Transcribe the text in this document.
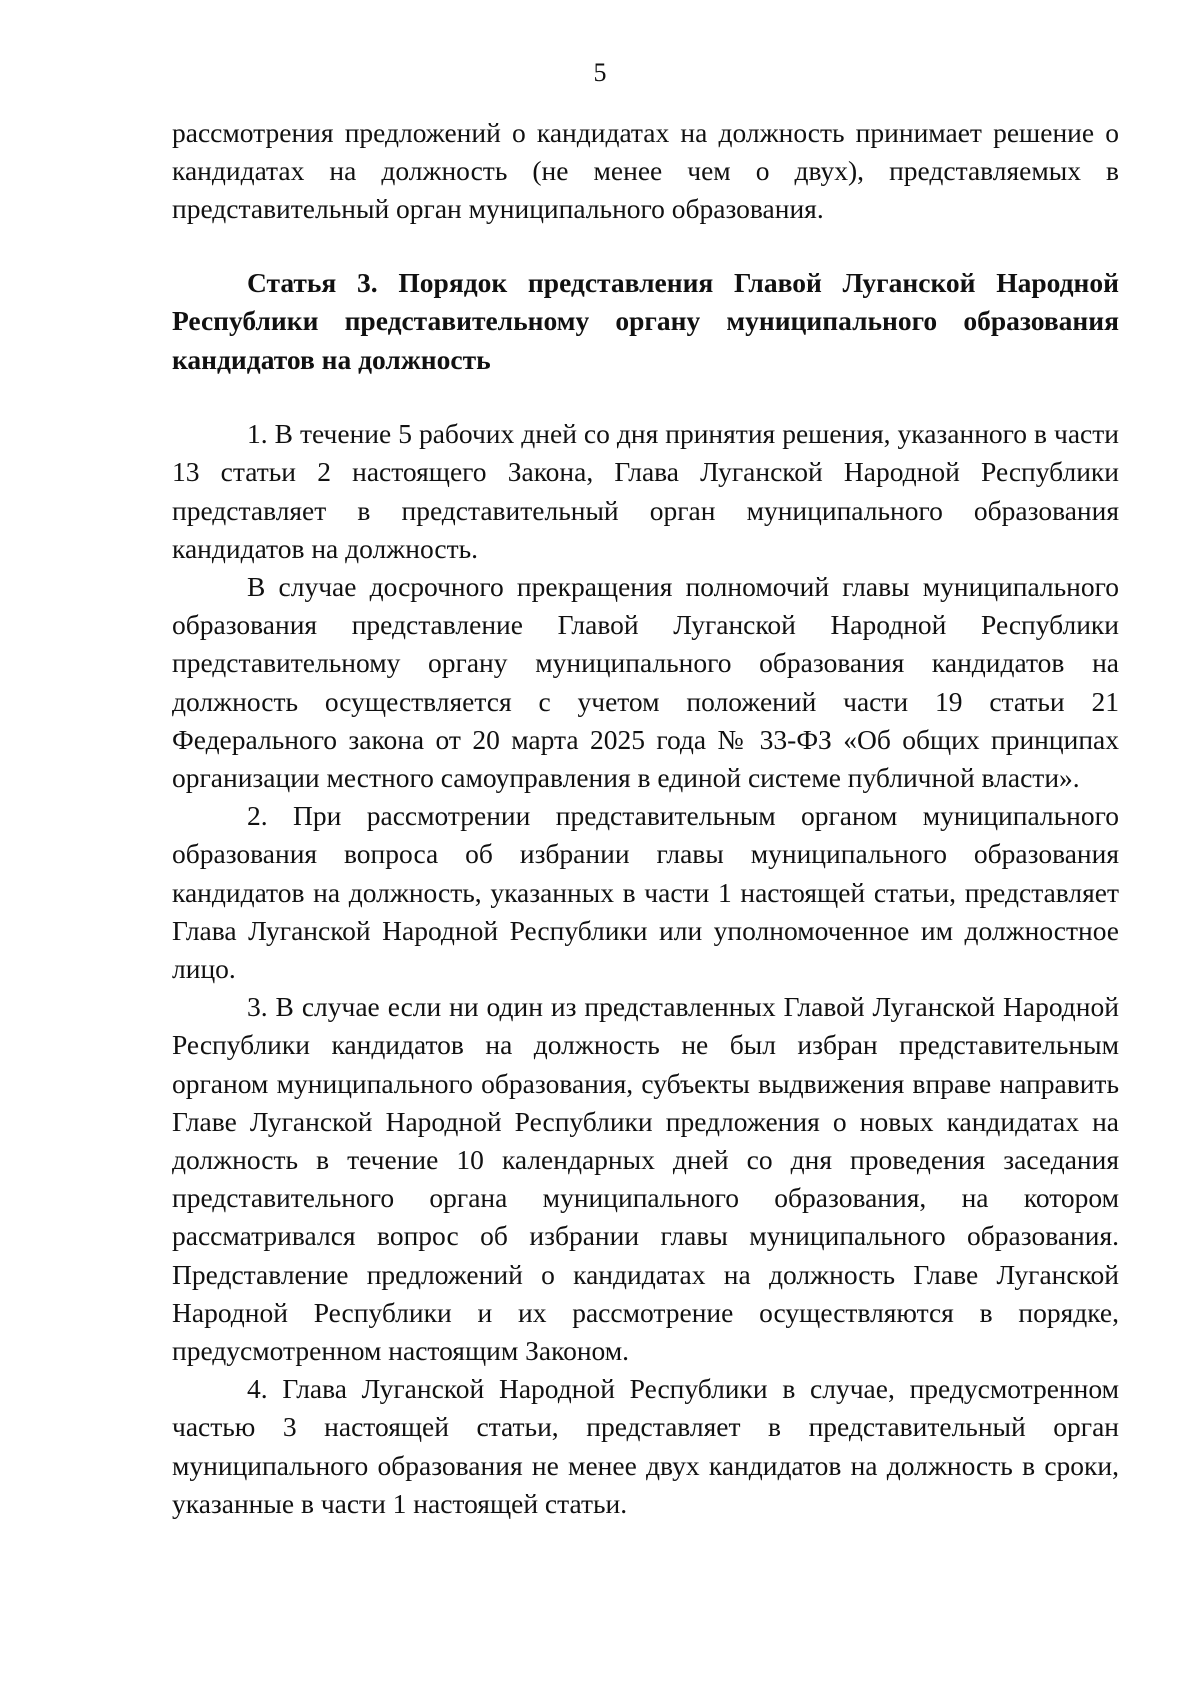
5

рассмотрения предложений о кандидатах на должность принимает решение о кандидатах на должность (не менее чем о двух), представляемых в представительный орган муниципального образования.

Статья 3. Порядок представления Главой Луганской Народной Республики представительному органу муниципального образования кандидатов на должность

1. В течение 5 рабочих дней со дня принятия решения, указанного в части 13 статьи 2 настоящего Закона, Глава Луганской Народной Республики представляет в представительный орган муниципального образования кандидатов на должность.

В случае досрочного прекращения полномочий главы муниципального образования представление Главой Луганской Народной Республики представительному органу муниципального образования кандидатов на должность осуществляется с учетом положений части 19 статьи 21 Федерального закона от 20 марта 2025 года № 33-ФЗ «Об общих принципах организации местного самоуправления в единой системе публичной власти».

2. При рассмотрении представительным органом муниципального образования вопроса об избрании главы муниципального образования кандидатов на должность, указанных в части 1 настоящей статьи, представляет Глава Луганской Народной Республики или уполномоченное им должностное лицо.

3. В случае если ни один из представленных Главой Луганской Народной Республики кандидатов на должность не был избран представительным органом муниципального образования, субъекты выдвижения вправе направить Главе Луганской Народной Республики предложения о новых кандидатах на должность в течение 10 календарных дней со дня проведения заседания представительного органа муниципального образования, на котором рассматривался вопрос об избрании главы муниципального образования. Представление предложений о кандидатах на должность Главе Луганской Народной Республики и их рассмотрение осуществляются в порядке, предусмотренном настоящим Законом.

4. Глава Луганской Народной Республики в случае, предусмотренном частью 3 настоящей статьи, представляет в представительный орган муниципального образования не менее двух кандидатов на должность в сроки, указанные в части 1 настоящей статьи.
